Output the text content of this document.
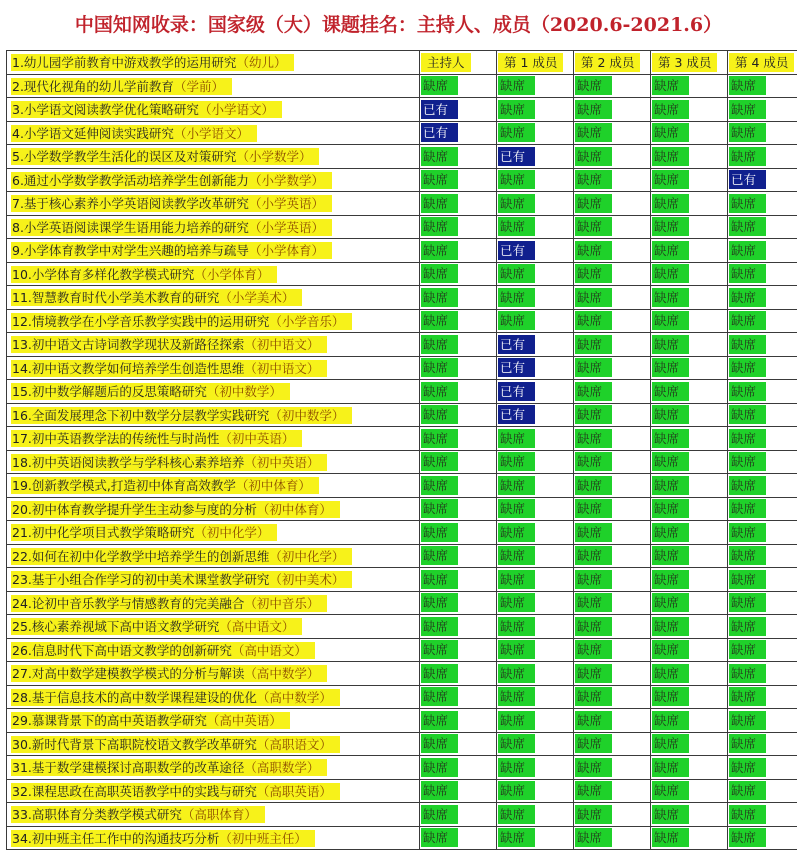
中国知网收录：国家级（大）课题挂名：主持人、成员（2020.6-2021.6）
1.幼儿园学前教育中游戏教学的运用研究（幼儿）	主持人	第 1 成员	第 2 成员	第 3 成员	第 4 成员
2.现代化视角的幼儿学前教育（学前）	缺席	缺席	缺席	缺席	缺席
3.小学语文阅读教学优化策略研究（小学语文）	已有	缺席	缺席	缺席	缺席
4.小学语文延伸阅读实践研究（小学语文）	已有	缺席	缺席	缺席	缺席
5.小学数学教学生活化的误区及对策研究（小学数学）	缺席	已有	缺席	缺席	缺席
6.通过小学数学教学活动培养学生创新能力（小学数学）	缺席	缺席	缺席	缺席	已有
7.基于核心素养小学英语阅读教学改革研究（小学英语）	缺席	缺席	缺席	缺席	缺席
8.小学英语阅读课学生语用能力培养的研究（小学英语）	缺席	缺席	缺席	缺席	缺席
9.小学体育教学中对学生兴趣的培养与疏导（小学体育）	缺席	已有	缺席	缺席	缺席
10.小学体育多样化教学模式研究（小学体育）	缺席	缺席	缺席	缺席	缺席
11.智慧教育时代小学美术教育的研究（小学美术）	缺席	缺席	缺席	缺席	缺席
12.情境教学在小学音乐教学实践中的运用研究（小学音乐）	缺席	缺席	缺席	缺席	缺席
13.初中语文古诗词教学现状及新路径探索（初中语文）	缺席	已有	缺席	缺席	缺席
14.初中语文教学如何培养学生创造性思维（初中语文）	缺席	已有	缺席	缺席	缺席
15.初中数学解题后的反思策略研究（初中数学）	缺席	已有	缺席	缺席	缺席
16.全面发展理念下初中数学分层教学实践研究（初中数学）	缺席	已有	缺席	缺席	缺席
17.初中英语教学法的传统性与时尚性（初中英语）	缺席	缺席	缺席	缺席	缺席
18.初中英语阅读教学与学科核心素养培养（初中英语）	缺席	缺席	缺席	缺席	缺席
19.创新教学模式,打造初中体育高效教学（初中体育）	缺席	缺席	缺席	缺席	缺席
20.初中体育教学提升学生主动参与度的分析（初中体育）	缺席	缺席	缺席	缺席	缺席
21.初中化学项目式教学策略研究（初中化学）	缺席	缺席	缺席	缺席	缺席
22.如何在初中化学教学中培养学生的创新思维（初中化学）	缺席	缺席	缺席	缺席	缺席
23.基于小组合作学习的初中美术课堂教学研究（初中美术）	缺席	缺席	缺席	缺席	缺席
24.论初中音乐教学与情感教育的完美融合（初中音乐）	缺席	缺席	缺席	缺席	缺席
25.核心素养视域下高中语文教学研究（高中语文）	缺席	缺席	缺席	缺席	缺席
26.信息时代下高中语文教学的创新研究（高中语文）	缺席	缺席	缺席	缺席	缺席
27.对高中数学建模教学模式的分析与解读（高中数学）	缺席	缺席	缺席	缺席	缺席
28.基于信息技术的高中数学课程建设的优化（高中数学）	缺席	缺席	缺席	缺席	缺席
29.慕课背景下的高中英语教学研究（高中英语）	缺席	缺席	缺席	缺席	缺席
30.新时代背景下高职院校语文教学改革研究（高职语文）	缺席	缺席	缺席	缺席	缺席
31.基于数学建模探讨高职数学的改革途径（高职数学）	缺席	缺席	缺席	缺席	缺席
32.课程思政在高职英语教学中的实践与研究（高职英语）	缺席	缺席	缺席	缺席	缺席
33.高职体育分类教学模式研究（高职体育）	缺席	缺席	缺席	缺席	缺席
34.初中班主任工作中的沟通技巧分析（初中班主任）	缺席	缺席	缺席	缺席	缺席
